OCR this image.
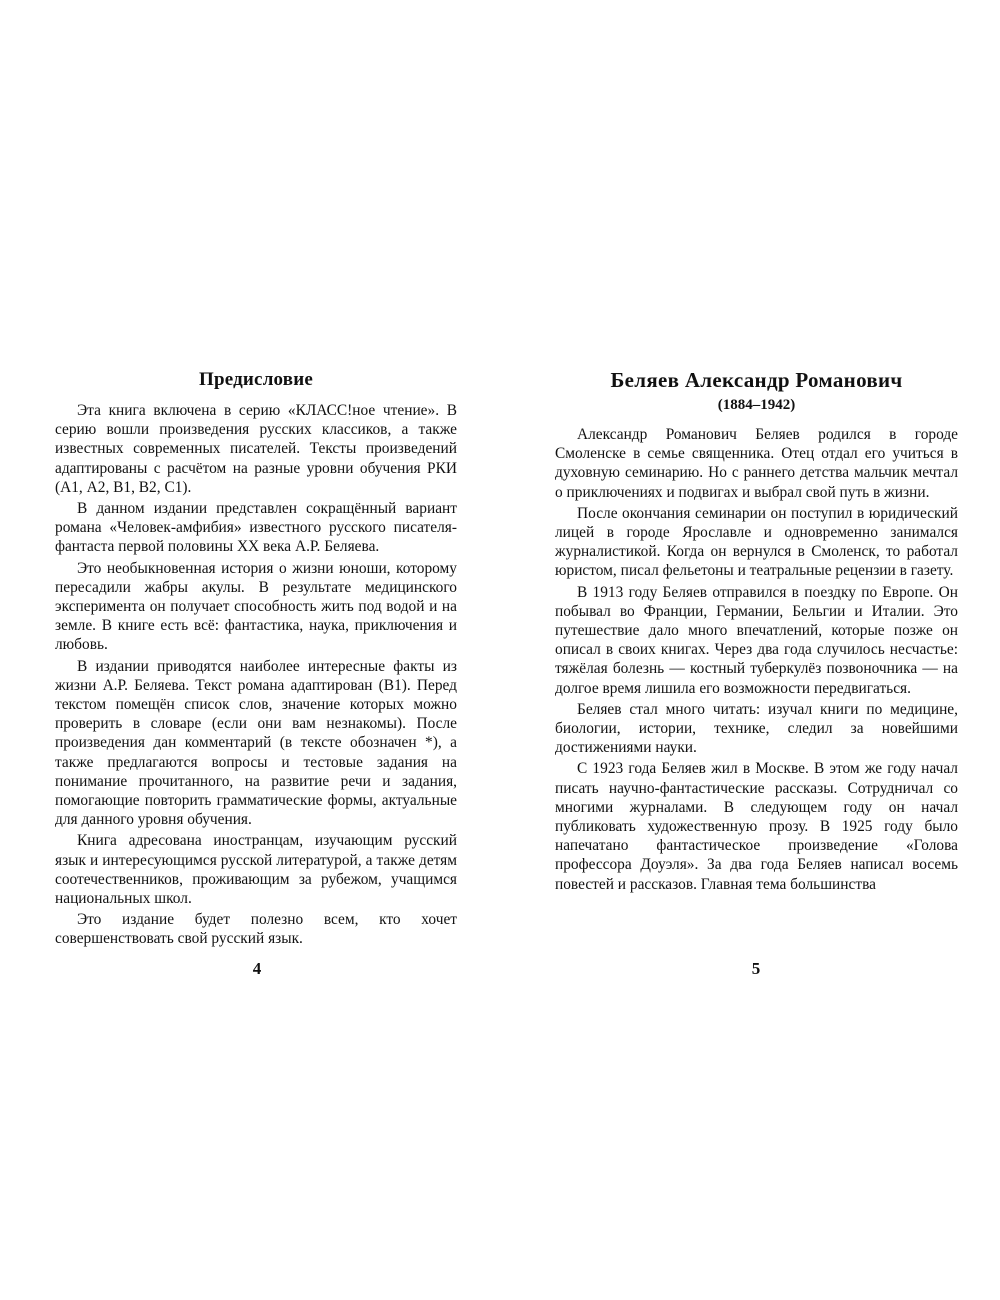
Предисловие

Эта книга включена в серию «КЛАСС!ное чтение». В серию вошли произведения русских классиков, а также известных современных писателей. Тексты произведений адаптированы с расчётом на разные уровни обучения РКИ (А1, А2, В1, В2, С1).

В данном издании представлен сокращённый вариант романа «Человек-амфибия» известного русского писателя-фантаста первой половины XX века А.Р. Беляева.

Это необыкновенная история о жизни юноши, которому пересадили жабры акулы. В результате медицинского эксперимента он получает способность жить под водой и на земле. В книге есть всё: фантастика, наука, приключения и любовь.

В издании приводятся наиболее интересные факты из жизни А.Р. Беляева. Текст романа адаптирован (В1). Перед текстом помещён список слов, значение которых можно проверить в словаре (если они вам незнакомы). После произведения дан комментарий (в тексте обозначен *), а также предлагаются вопросы и тестовые задания на понимание прочитанного, на развитие речи и задания, помогающие повторить грамматические формы, актуальные для данного уровня обучения.

Книга адресована иностранцам, изучающим русский язык и интересующимся русской литературой, а также детям соотечественников, проживающим за рубежом, учащимся национальных школ.

Это издание будет полезно всем, кто хочет совершенствовать свой русский язык.

4
Беляев Александр Романович
(1884–1942)

Александр Романович Беляев родился в городе Смоленске в семье священника. Отец отдал его учиться в духовную семинарию. Но с раннего детства мальчик мечтал о приключениях и подвигах и выбрал свой путь в жизни.

После окончания семинарии он поступил в юридический лицей в городе Ярославле и одновременно занимался журналистикой. Когда он вернулся в Смоленск, то работал юристом, писал фельетоны и театральные рецензии в газету.

В 1913 году Беляев отправился в поездку по Европе. Он побывал во Франции, Германии, Бельгии и Италии. Это путешествие дало много впечатлений, которые позже он описал в своих книгах. Через два года случилось несчастье: тяжёлая болезнь — костный туберкулёз позвоночника — на долгое время лишила его возможности передвигаться.

Беляев стал много читать: изучал книги по медицине, биологии, истории, технике, следил за новейшими достижениями науки.

С 1923 года Беляев жил в Москве. В этом же году начал писать научно-фантастические рассказы. Сотрудничал со многими журналами. В следующем году он начал публиковать художественную прозу. В 1925 году было напечатано фантастическое произведение «Голова профессора Доуэля». За два года Беляев написал восемь повестей и рассказов. Главная тема большинства

5
